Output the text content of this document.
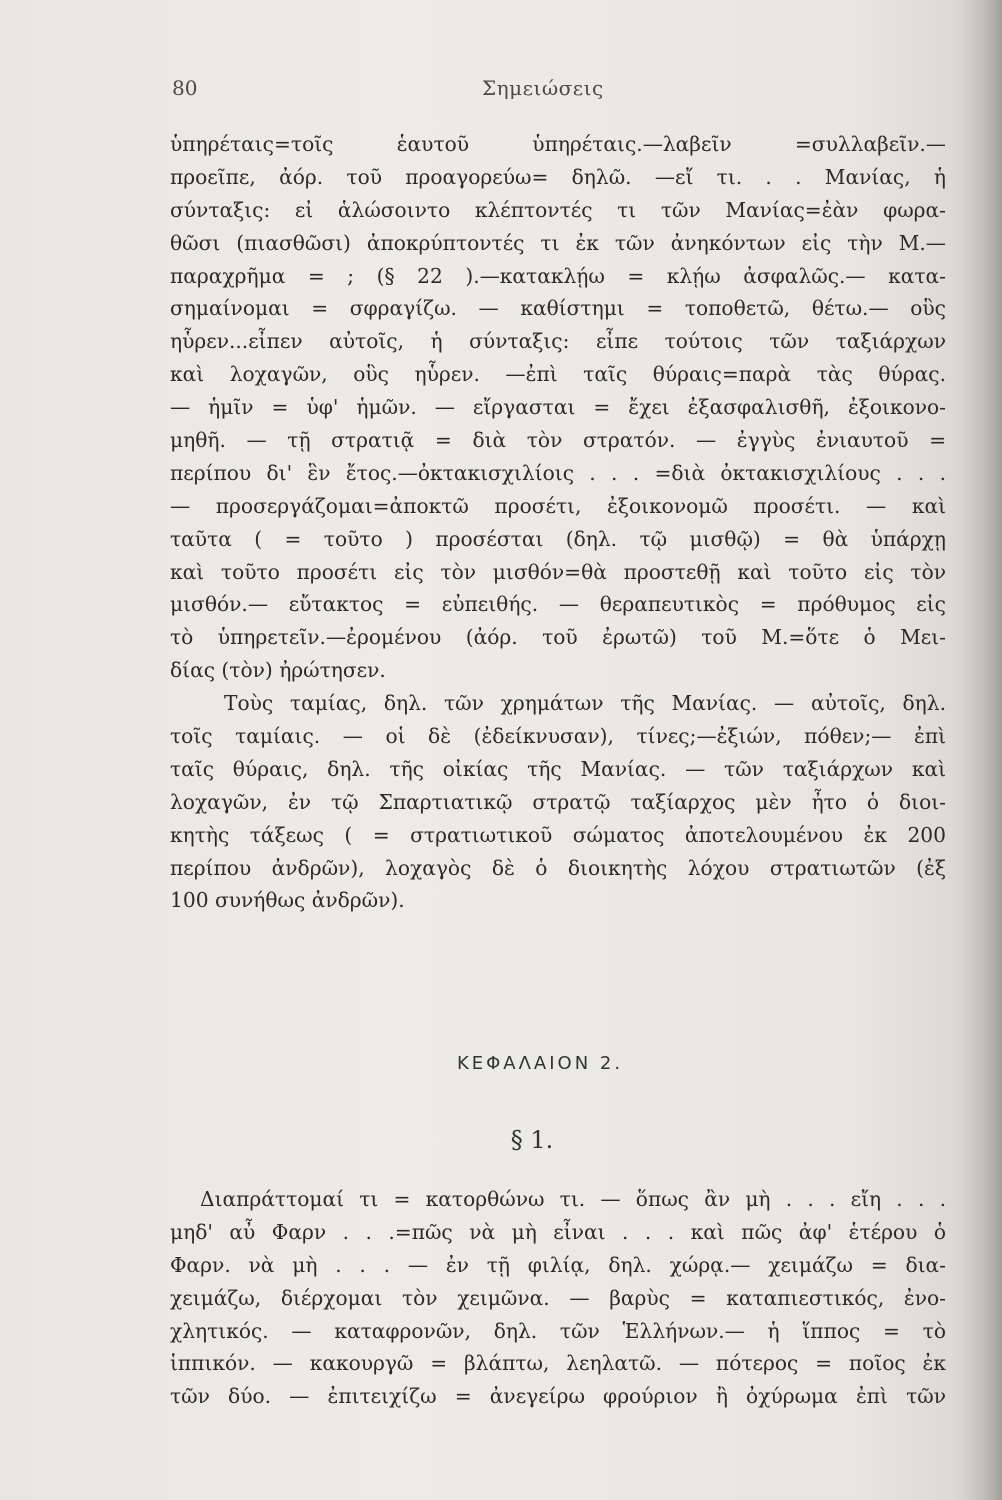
80	Σημειώσεις
ὑπηρέταις=τοῖς ἑαυτοῦ ὑπηρέταις.—λαβεῖν =συλλαβεῖν.—
προεῖπε, ἀόρ. τοῦ προαγορεύω= δηλῶ. —εἴ τι. . . Μανίας, ἡ
σύνταξις: εἰ ἁλώσοιντο κλέπτοντές τι τῶν Μανίας=ἐὰν φωρα-
θῶσι (πιασθῶσι) ἀποκρύπτοντές τι ἐκ τῶν ἀνηκόντων εἰς τὴν Μ.—
παραχρῆμα = ; (§ 22 ).—κατακλῄω = κλῄω ἀσφαλῶς.— κατα-
σημαίνομαι = σφραγίζω. — καθίστημι = τοποθετῶ, θέτω.— οὓς
ηὗρεν...εἶπεν αὐτοῖς, ἡ σύνταξις: εἶπε τούτοις τῶν ταξιάρχων
καὶ λοχαγῶν, οὓς ηὗρεν. —ἐπὶ ταῖς θύραις=παρὰ τὰς θύρας.
— ἡμῖν = ὑφ' ἡμῶν. — εἴργασται = ἔχει ἐξασφαλισθῆ, ἐξοικονο-
μηθῆ. — τῇ στρατιᾷ = διὰ τὸν στρατόν. — ἐγγὺς ἐνιαυτοῦ =
περίπου δι' ἓν ἔτος.—ὀκτακισχιλίοις . . . =διὰ ὀκτακισχιλίους . . .
— προσεργάζομαι=ἀποκτῶ προσέτι, ἐξοικονομῶ προσέτι. — καὶ
ταῦτα ( = τοῦτο ) προσέσται (δηλ. τῷ μισθῷ) = θὰ ὑπάρχῃ
καὶ τοῦτο προσέτι εἰς τὸν μισθόν=θὰ προστεθῇ καὶ τοῦτο εἰς τὸν
μισθόν.— εὔτακτος = εὐπειθής. — θεραπευτικὸς = πρόθυμος εἰς
τὸ ὑπηρετεῖν.—ἐρομένου (ἀόρ. τοῦ ἐρωτῶ) τοῦ Μ.=ὅτε ὁ Μει-
δίας (τὸν) ἠρώτησεν.
Τοὺς ταμίας, δηλ. τῶν χρημάτων τῆς Μανίας. — αὐτοῖς, δηλ.
τοῖς ταμίαις. — οἱ δὲ (ἐδείκνυσαν), τίνες;—ἐξιών, πόθεν;— ἐπὶ
ταῖς θύραις, δηλ. τῆς οἰκίας τῆς Μανίας. — τῶν ταξιάρχων καὶ
λοχαγῶν, ἐν τῷ Σπαρτιατικῷ στρατῷ ταξίαρχος μὲν ἦτο ὁ διοι-
κητὴς τάξεως ( = στρατιωτικοῦ σώματος ἀποτελουμένου ἐκ 200
περίπου ἀνδρῶν), λοχαγὸς δὲ ὁ διοικητὴς λόχου στρατιωτῶν (ἐξ
100 συνήθως ἀνδρῶν).
ΚΕΦΑΛΑΙΟΝ 2.
§ 1.
Διαπράττομαί τι = κατορθώνω τι. — ὅπως ἂν μὴ . . . εἴη . . .
μηδ' αὖ Φαρν . . .=πῶς νὰ μὴ εἶναι . . . καὶ πῶς ἀφ' ἑτέρου ὁ
Φαρν. νὰ μὴ . . . — ἐν τῇ φιλίᾳ, δηλ. χώρᾳ.— χειμάζω = δια-
χειμάζω, διέρχομαι τὸν χειμῶνα. — βαρὺς = καταπιεστικός, ἐνο-
χλητικός. — καταφρονῶν, δηλ. τῶν Ἑλλήνων.— ἡ ἵππος = τὸ
ἱππικόν. — κακουργῶ = βλάπτω, λεηλατῶ. — πότερος = ποῖος ἐκ
τῶν δύο. — ἐπιτειχίζω = ἀνεγείρω φρούριον ἢ ὀχύρωμα ἐπὶ τῶν
